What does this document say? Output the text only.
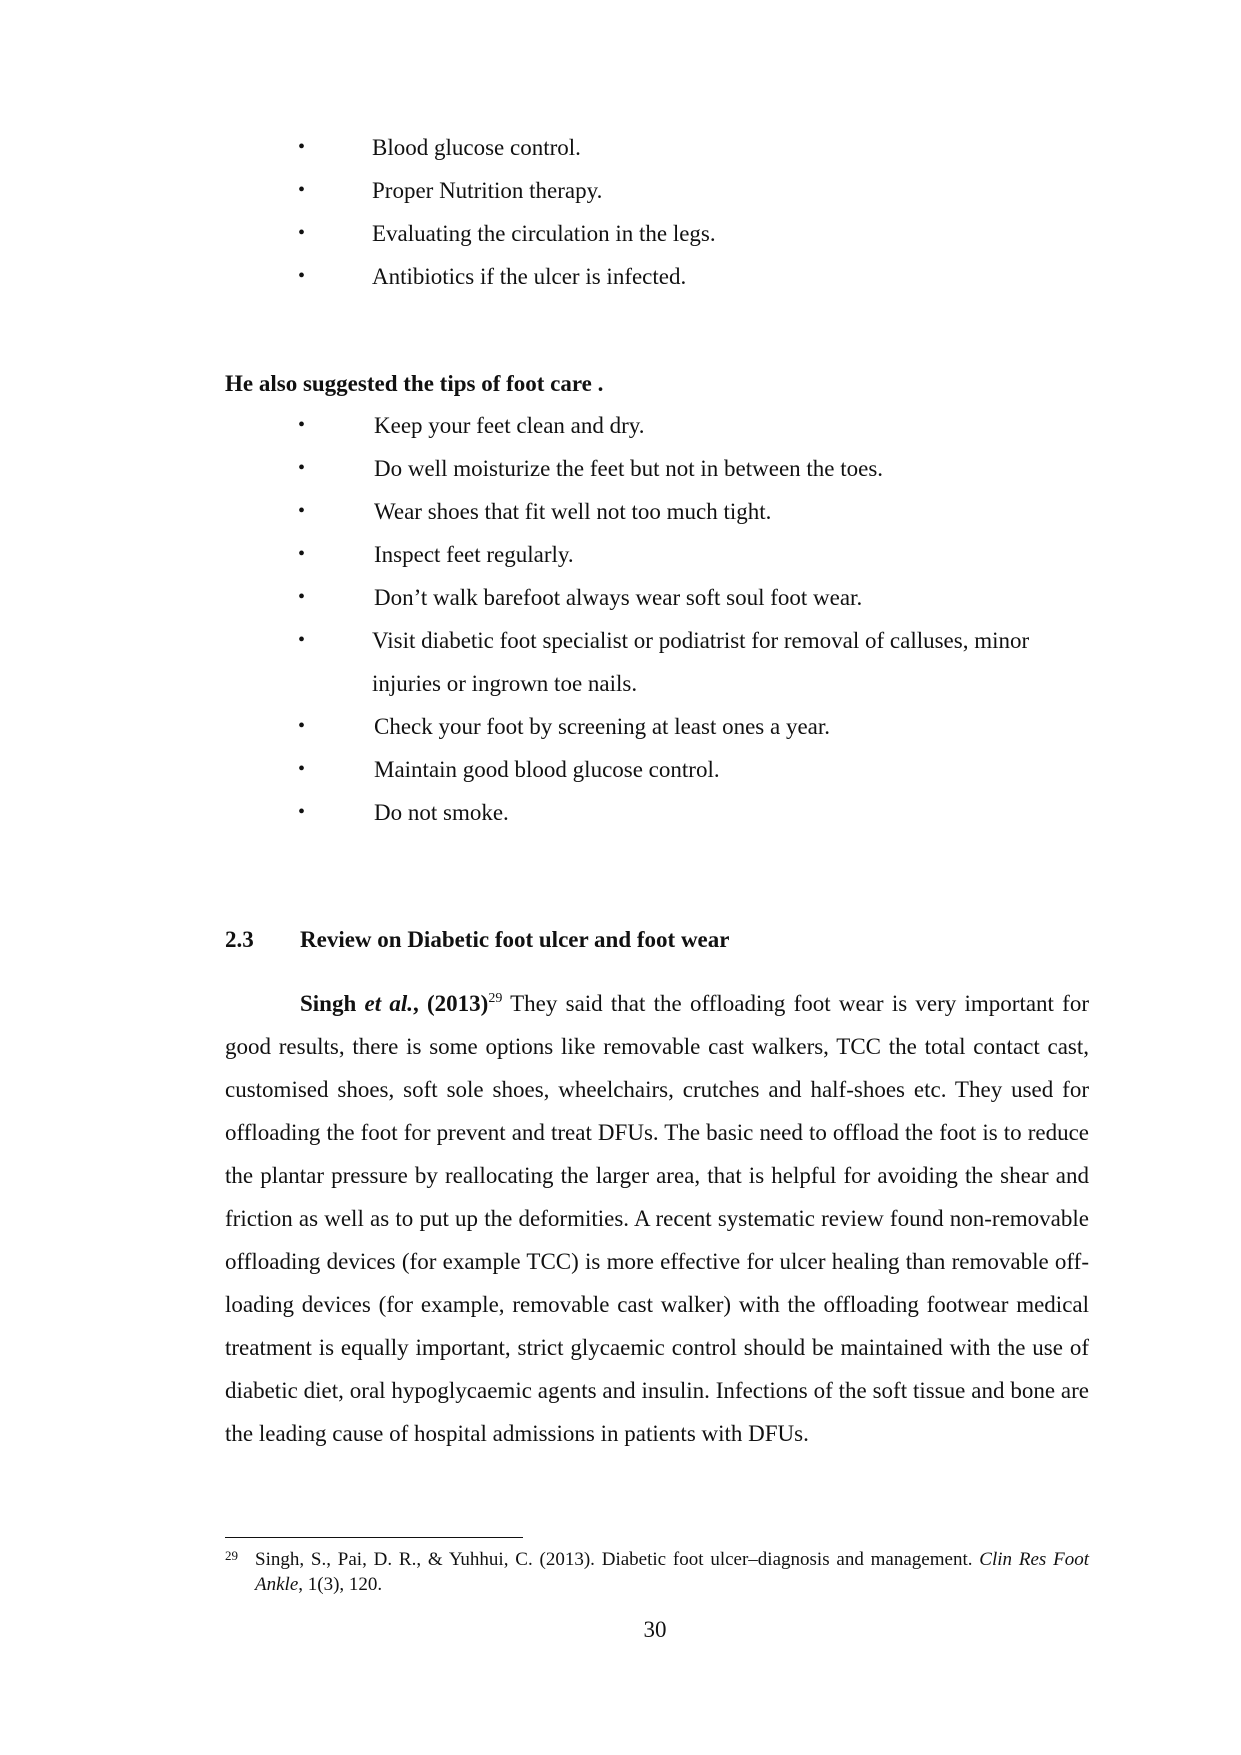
•	Blood glucose control.
•	Proper Nutrition therapy.
•	Evaluating the circulation in the legs.
•	Antibiotics if the ulcer is infected.
He also suggested the tips of foot care .
•	Keep your feet clean and dry.
•	Do well moisturize the feet but not in between the toes.
•	Wear shoes that fit well not too much tight.
•	Inspect feet regularly.
•	Don’t walk barefoot always wear soft soul foot wear.
•	Visit diabetic foot specialist or podiatrist for removal of calluses, minor injuries or ingrown toe nails.
•	Check your foot by screening at least ones a year.
•	Maintain good blood glucose control.
•	Do not smoke.
2.3 Review on Diabetic foot ulcer and foot wear

Singh et al., $(2013)^{29}$ They said that the offloading foot wear is very important for good results, there is some options like removable cast walkers, TCC the total contact cast, customised shoes, soft sole shoes, wheelchairs, crutches and half-shoes etc. They used for offloading the foot for prevent and treat DFUs. The basic need to offload the foot is to reduce the plantar pressure by reallocating the larger area, that is helpful for avoiding the shear and friction as well as to put up the deformities. A recent systematic review found non-removable offloading devices (for example TCC) is more effective for ulcer healing than removable off-loading devices (for example, removable cast walker) with the offloading footwear medical treatment is equally important, strict glycaemic control should be maintained with the use of diabetic diet, oral hypoglycaemic agents and insulin. Infections of the soft tissue and bone are the leading cause of hospital admissions in patients with DFUs.

29 Singh, S., Pai, D. R., & Yuhhui, C. (2013). Diabetic foot ulcer–diagnosis and management. Clin Res Foot Ankle, 1(3), 120.
30
